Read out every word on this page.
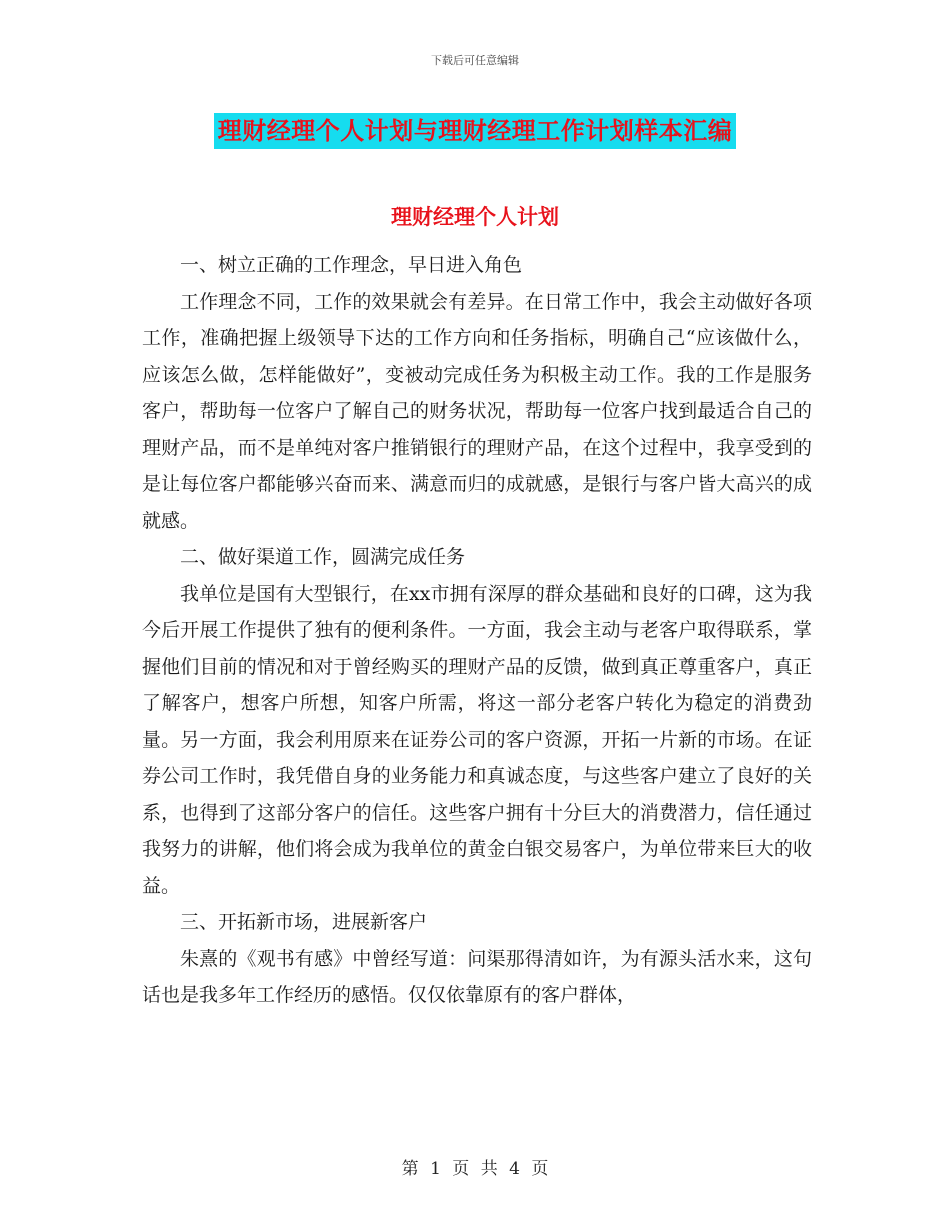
下载后可任意编辑
理财经理个人计划与理财经理工作计划样本汇编
理财经理个人计划

一、树立正确的工作理念，早日进入角色

工作理念不同，工作的效果就会有差异。在日常工作中，我会主动做好各项工作，准确把握上级领导下达的工作方向和任务指标，明确自己“应该做什么，应该怎么做，怎样能做好”，变被动完成任务为积极主动工作。我的工作是服务客户，帮助每一位客户了解自己的财务状况，帮助每一位客户找到最适合自己的理财产品，而不是单纯对客户推销银行的理财产品，在这个过程中，我享受到的是让每位客户都能够兴奋而来、满意而归的成就感，是银行与客户皆大高兴的成就感。

二、做好渠道工作，圆满完成任务

我单位是国有大型银行，在xx市拥有深厚的群众基础和良好的口碑，这为我今后开展工作提供了独有的便利条件。一方面，我会主动与老客户取得联系，掌握他们目前的情况和对于曾经购买的理财产品的反馈，做到真正尊重客户，真正了解客户，想客户所想，知客户所需，将这一部分老客户转化为稳定的消费劲量。另一方面，我会利用原来在证券公司的客户资源，开拓一片新的市场。在证券公司工作时，我凭借自身的业务能力和真诚态度，与这些客户建立了良好的关系，也得到了这部分客户的信任。这些客户拥有十分巨大的消费潜力，信任通过我努力的讲解，他们将会成为我单位的黄金白银交易客户，为单位带来巨大的收益。

三、开拓新市场，进展新客户

朱熹的《观书有感》中曾经写道：问渠那得清如许，为有源头活水来，这句话也是我多年工作经历的感悟。仅仅依靠原有的客户群体，

第 1 页 共 4 页
